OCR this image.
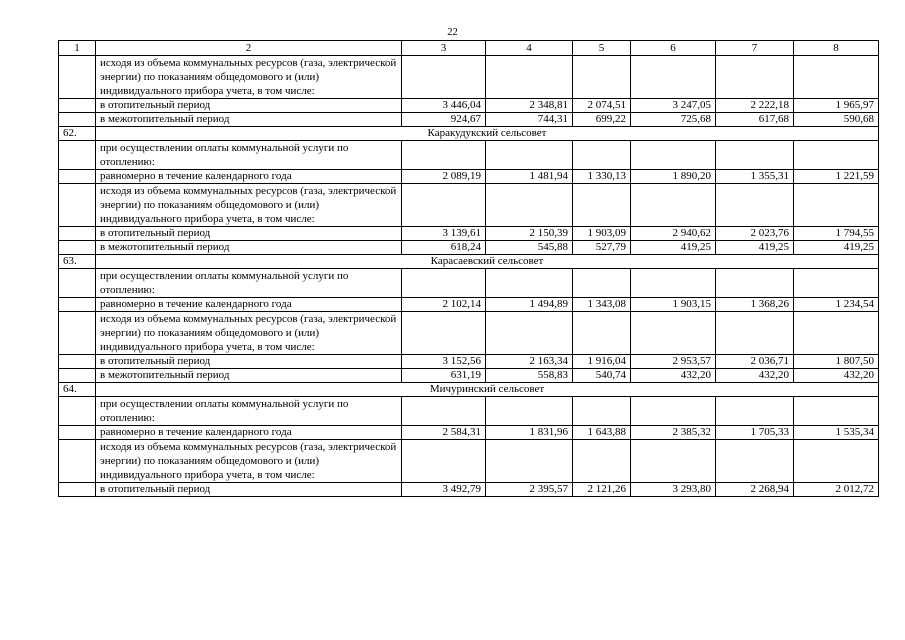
22
1	2	3	4	5	6	7	8
	исходя из объема коммунальных ресурсов (газа, электрической энергии) по показаниям общедомового и (или) индивидуального прибора учета, в том числе:						
	в отопительный период	3 446,04	2 348,81	2 074,51	3 247,05	2 222,18	1 965,97
	в межотопительный период	924,67	744,31	699,22	725,68	617,68	590,68
62.	Каракудукский сельсовет						
	при осуществлении оплаты коммунальной услуги по отоплению:						
	равномерно в течение календарного года	2 089,19	1 481,94	1 330,13	1 890,20	1 355,31	1 221,59
	исходя из объема коммунальных ресурсов (газа, электрической энергии) по показаниям общедомового и (или) индивидуального прибора учета, в том числе:						
	в отопительный период	3 139,61	2 150,39	1 903,09	2 940,62	2 023,76	1 794,55
	в межотопительный период	618,24	545,88	527,79	419,25	419,25	419,25
63.	Карасаевский сельсовет						
	при осуществлении оплаты коммунальной услуги по отоплению:						
	равномерно в течение календарного года	2 102,14	1 494,89	1 343,08	1 903,15	1 368,26	1 234,54
	исходя из объема коммунальных ресурсов (газа, электрической энергии) по показаниям общедомового и (или) индивидуального прибора учета, в том числе:						
	в отопительный период	3 152,56	2 163,34	1 916,04	2 953,57	2 036,71	1 807,50
	в межотопительный период	631,19	558,83	540,74	432,20	432,20	432,20
64.	Мичуринский сельсовет						
	при осуществлении оплаты коммунальной услуги по отоплению:						
	равномерно в течение календарного года	2 584,31	1 831,96	1 643,88	2 385,32	1 705,33	1 535,34
	исходя из объема коммунальных ресурсов (газа, электрической энергии) по показаниям общедомового и (или) индивидуального прибора учета, в том числе:						
	в отопительный период	3 492,79	2 395,57	2 121,26	3 293,80	2 268,94	2 012,72
